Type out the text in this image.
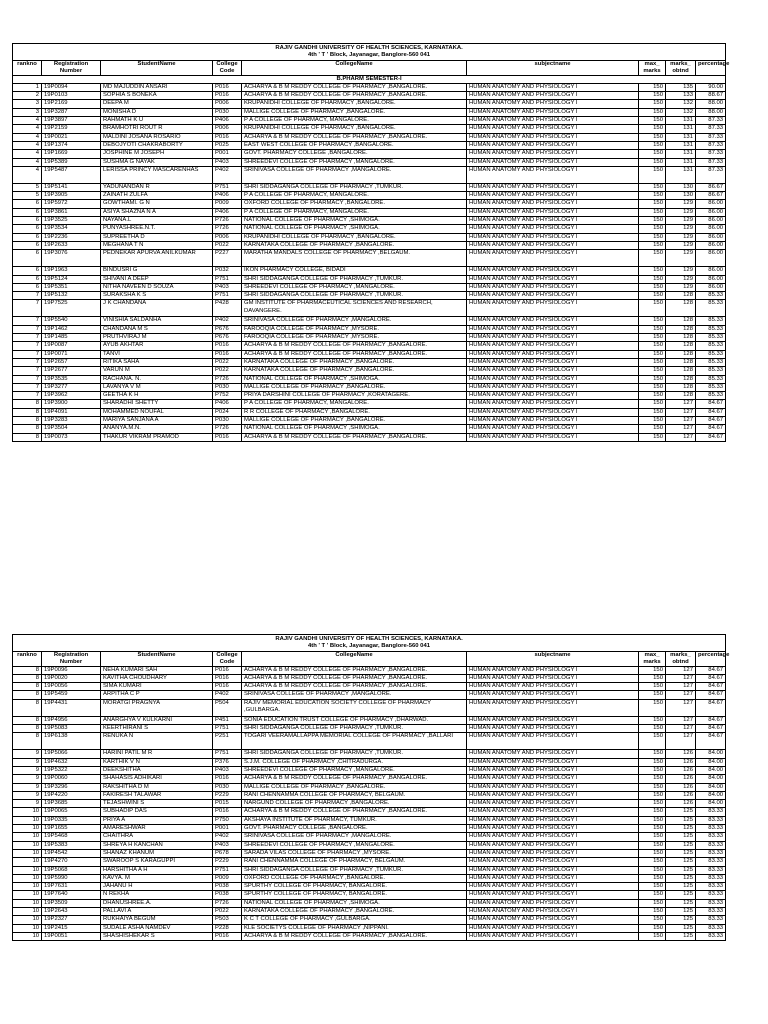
RAJIV GANDHI UNIVERSITY OF HEALTH SCIENCES, KARNATAKA.								
4th ' T ' Block, Jayanagar, Banglore-560 041								
rankno	Registration Number	StudentName	College Code	CollegeName	subjectname	max_ marks	marks_ obtnd	percentage
B.PHARM SEMESTER-I								
1	19P0094	MD MAJUDDIN ANSARI	P016	ACHARYA & B M REDDY COLLEGE OF PHARMACY ,BANGALORE.	HUMAN ANATOMY AND PHYSIOLOGY I	150	135	90.00
2	19P0103	SOPHIA S BONEKA	P016	ACHARYA & B M REDDY COLLEGE OF PHARMACY ,BANGALORE.	HUMAN ANATOMY AND PHYSIOLOGY I	150	133	88.67
3	19P2169	DEEPA M	P006	KRUPANIDHI COLLEGE OF PHARMACY ,BANGALORE.	HUMAN ANATOMY AND PHYSIOLOGY I	150	132	88.00
3	19P3287	MONISHA D	P030	MALLIGE COLLEGE OF PHARMACY ,BANGALORE.	HUMAN ANATOMY AND PHYSIOLOGY I	150	132	88.00
4	19P3897	RAHMATH K U	P406	P A COLLEGE OF PHARMACY, MANGALORE.	HUMAN ANATOMY AND PHYSIOLOGY I	150	131	87.33
4	19P2159	BRAMHOTRI ROUT R	P006	KRUPANIDHI COLLEGE OF PHARMACY ,BANGALORE.	HUMAN ANATOMY AND PHYSIOLOGY I	150	131	87.33
4	19P0021	MALDINI JOSANA ROSARIO	P016	ACHARYA & B M REDDY COLLEGE OF PHARMACY ,BANGALORE.	HUMAN ANATOMY AND PHYSIOLOGY I	150	131	87.33
4	19P1374	DEBOJYOTI CHAKRABORTY	P025	EAST WEST COLLEGE OF PHARMACY ,BANGALORE.	HUMAN ANATOMY AND PHYSIOLOGY I	150	131	87.33
4	19P1669	JOSPHINE M JOSEPH	P001	GOVT. PHARMACY COLLEGE ,BANGALORE.	HUMAN ANATOMY AND PHYSIOLOGY I	150	131	87.33
4	19P5389	SUSHMA G NAYAK	P403	SHREEDEVI COLLEGE OF PHARMACY ,MANGALORE.	HUMAN ANATOMY AND PHYSIOLOGY I	150	131	87.33
4	19P5487	LERISSA PRINCY MASCARENHAS	P402	SRINIVASA COLLEGE OF PHARMACY ,MANGALORE.	HUMAN ANATOMY AND PHYSIOLOGY I	150	131	87.33
5	19P5141	YADUNANDAN R	P751	SHRI SIDDAGANGA COLLEGE OF PHARMACY ,TUMKUR.	HUMAN ANATOMY AND PHYSIOLOGY I	150	130	86.67
5	19P3905	ZAINATH ZULFA	P406	P A COLLEGE OF PHARMACY, MANGALORE.	HUMAN ANATOMY AND PHYSIOLOGY I	150	130	86.67
6	19P5972	GOWTHAMI. G N	P009	OXFORD COLLEGE OF PHARMACY ,BANGALORE.	HUMAN ANATOMY AND PHYSIOLOGY I	150	129	86.00
6	19P3861	ASIYA SHAZNA N A	P406	P A COLLEGE OF PHARMACY, MANGALORE.	HUMAN ANATOMY AND PHYSIOLOGY I	150	129	86.00
6	19P3525	NAYANA.L	P726	NATIONAL COLLEGE OF PHARMACY ,SHIMOGA.	HUMAN ANATOMY AND PHYSIOLOGY I	150	129	86.00
6	19P3534	PUNYASHREE.N.T.	P726	NATIONAL COLLEGE OF PHARMACY ,SHIMOGA.	HUMAN ANATOMY AND PHYSIOLOGY I	150	129	86.00
6	19P2236	SUPREETHA D	P006	KRUPANIDHI COLLEGE OF PHARMACY ,BANGALORE.	HUMAN ANATOMY AND PHYSIOLOGY I	150	129	86.00
6	19P2633	MEGHANA T N	P022	KARNATAKA COLLEGE OF PHARMACY ,BANGALORE.	HUMAN ANATOMY AND PHYSIOLOGY I	150	129	86.00
6	19P3076	PEDNEKAR APURVA ANILKUMAR	P227	MARATHA MANDALS COLLEGE OF PHARMACY ,BELGAUM.	HUMAN ANATOMY AND PHYSIOLOGY I	150	129	86.00
6	19P1963	BINDUSRI G	P032	IKON PHARMACY COLLEGE, BIDADI	HUMAN ANATOMY AND PHYSIOLOGY I	150	129	86.00
6	19P5124	SHIVANI A DEEP	P751	SHRI SIDDAGANGA COLLEGE OF PHARMACY ,TUMKUR.	HUMAN ANATOMY AND PHYSIOLOGY I	150	129	86.00
6	19P5351	NITHA NAVEEN D SOUZA	P403	SHREEDEVI COLLEGE OF PHARMACY ,MANGALORE.	HUMAN ANATOMY AND PHYSIOLOGY I	150	129	86.00
7	19P5132	SURAKSHA K S	P751	SHRI SIDDAGANGA COLLEGE OF PHARMACY ,TUMKUR.	HUMAN ANATOMY AND PHYSIOLOGY I	150	128	85.33
7	19P7525	J K CHANDANA	P428	GM INSTITUTE OF PHARMACEUTICAL SCIENCES AND RESEARCH, DAVANGERE.	HUMAN ANATOMY AND PHYSIOLOGY I	150	128	85.33
7	19P5540	VINISHIA SALDANHA	P402	SRINIVASA COLLEGE OF PHARMACY ,MANGALORE.	HUMAN ANATOMY AND PHYSIOLOGY I	150	128	85.33
7	19P1462	CHANDANA M S	P676	FAROOQIA COLLEGE OF PHARMACY ,MYSORE.	HUMAN ANATOMY AND PHYSIOLOGY I	150	128	85.33
7	19P1485	PRUTHVIRAJ M	P676	FAROOQIA COLLEGE OF PHARMACY ,MYSORE.	HUMAN ANATOMY AND PHYSIOLOGY I	150	128	85.33
7	19P0087	AYUB AKHTAR	P016	ACHARYA & B M REDDY COLLEGE OF PHARMACY ,BANGALORE.	HUMAN ANATOMY AND PHYSIOLOGY I	150	128	85.33
7	19P0071	TANVI	P016	ACHARYA & B M REDDY COLLEGE OF PHARMACY ,BANGALORE.	HUMAN ANATOMY AND PHYSIOLOGY I	150	128	85.33
7	19P2657	RITIKA SAHA	P022	KARNATAKA COLLEGE OF PHARMACY ,BANGALORE.	HUMAN ANATOMY AND PHYSIOLOGY I	150	128	85.33
7	19P2677	VARUN M	P022	KARNATAKA COLLEGE OF PHARMACY ,BANGALORE.	HUMAN ANATOMY AND PHYSIOLOGY I	150	128	85.33
7	19P3535	RACHANA. N.	P726	NATIONAL COLLEGE OF PHARMACY ,SHIMOGA.	HUMAN ANATOMY AND PHYSIOLOGY I	150	128	85.33
7	19P3277	LAVANYA V M	P030	MALLIGE COLLEGE OF PHARMACY ,BANGALORE.	HUMAN ANATOMY AND PHYSIOLOGY I	150	128	85.33
7	19P3962	GEETHA K H	P752	PRIYA DARSHINI COLLEGE OF PHARMACY ,KORATAGERE.	HUMAN ANATOMY AND PHYSIOLOGY I	150	128	85.33
8	19P3900	SHARADHI SHETTY	P406	P A COLLEGE OF PHARMACY, MANGALORE.	HUMAN ANATOMY AND PHYSIOLOGY I	150	127	84.67
8	19P4091	MOHAMMED NOUFAL	P024	R R COLLEGE OF PHARMACY ,BANGALORE.	HUMAN ANATOMY AND PHYSIOLOGY I	150	127	84.67
8	19P3283	MARIYA SANJANA A	P030	MALLIGE COLLEGE OF PHARMACY ,BANGALORE.	HUMAN ANATOMY AND PHYSIOLOGY I	150	127	84.67
8	19P3504	ANANYA.M.N.	P726	NATIONAL COLLEGE OF PHARMACY ,SHIMOGA.	HUMAN ANATOMY AND PHYSIOLOGY I	150	127	84.67
8	19P0073	THAKUR VIKRAM PRAMOD	P016	ACHARYA & B M REDDY COLLEGE OF PHARMACY ,BANGALORE.	HUMAN ANATOMY AND PHYSIOLOGY I	150	127	84.67
RAJIV GANDHI UNIVERSITY OF HEALTH SCIENCES, KARNATAKA.								
4th ' T ' Block, Jayanagar, Banglore-560 041								
rankno	Registration Number	StudentName	College Code	CollegeName	subjectname	max_ marks	marks_ obtnd	percentage
8	19P0096	NEHA KUMARI SAH	P016	ACHARYA & B M REDDY COLLEGE OF PHARMACY ,BANGALORE.	HUMAN ANATOMY AND PHYSIOLOGY I	150	127	84.67
8	19P0020	KAVITHA CHOUDHARY	P016	ACHARYA & B M REDDY COLLEGE OF PHARMACY ,BANGALORE.	HUMAN ANATOMY AND PHYSIOLOGY I	150	127	84.67
8	19P0056	SIMA KUMARI	P016	ACHARYA & B M REDDY COLLEGE OF PHARMACY ,BANGALORE.	HUMAN ANATOMY AND PHYSIOLOGY I	150	127	84.67
8	19P5459	ARPITHA C P	P402	SRINIVASA COLLEGE OF PHARMACY ,MANGALORE.	HUMAN ANATOMY AND PHYSIOLOGY I	150	127	84.67
8	19P4431	MORATGI PRAGNYA	P504	RAJIV MEMORIAL EDUCATION SOCIETY COLLEGE OF PHARMACY ,GULBARGA.	HUMAN ANATOMY AND PHYSIOLOGY I	150	127	84.67
8	19P4956	ANARGHYA V KULKARNI	P451	SONIA EDUCATION TRUST COLLEGE OF PHARMACY ,DHARWAD.	HUMAN ANATOMY AND PHYSIOLOGY I	150	127	84.67
8	19P5083	KEERTHIRANI S	P751	SHRI SIDDAGANGA COLLEGE OF PHARMACY ,TUMKUR.	HUMAN ANATOMY AND PHYSIOLOGY I	150	127	84.67
8	19P6138	RENUKA N	P251	TOGARI VEERAMALLAPPA MEMORIAL COLLEGE OF PHARMACY ,BALLARI	HUMAN ANATOMY AND PHYSIOLOGY I	150	127	84.67
9	19P5066	HARINI PATIL M R	P751	SHRI SIDDAGANGA COLLEGE OF PHARMACY ,TUMKUR.	HUMAN ANATOMY AND PHYSIOLOGY I	150	126	84.00
9	19P4632	KARTHIK V N	P376	S.J.M. COLLEGE OF PHARMACY ,CHITRADURGA.	HUMAN ANATOMY AND PHYSIOLOGY I	150	126	84.00
9	19P5322	DEEKSHITHA	P403	SHREEDEVI COLLEGE OF PHARMACY ,MANGALORE.	HUMAN ANATOMY AND PHYSIOLOGY I	150	126	84.00
9	19P0060	SHAHASIS ADHIKARI	P016	ACHARYA & B M REDDY COLLEGE OF PHARMACY ,BANGALORE.	HUMAN ANATOMY AND PHYSIOLOGY I	150	126	84.00
9	19P3296	RAKSHITHA D M	P030	MALLIGE COLLEGE OF PHARMACY ,BANGALORE.	HUMAN ANATOMY AND PHYSIOLOGY I	150	126	84.00
9	19P4220	FAKIRESH TALAWAR	P229	RANI CHENNAMMA COLLEGE OF PHARMACY, BELGAUM.	HUMAN ANATOMY AND PHYSIOLOGY I	150	126	84.00
9	19P3685	TEJASHWINI S	P015	NARGUND COLLEGE OF PHARMACY ,BANGALORE.	HUMAN ANATOMY AND PHYSIOLOGY I	150	126	84.00
10	19P0065	SUBHADIP DAS	P016	ACHARYA & B M REDDY COLLEGE OF PHARMACY ,BANGALORE.	HUMAN ANATOMY AND PHYSIOLOGY I	150	125	83.33
10	19P0335	PRIYA A	P750	AKSHAYA INSTITUTE OF PHARMACY, TUMKUR.	HUMAN ANATOMY AND PHYSIOLOGY I	150	125	83.33
10	19P1655	AMARESHWAR	P001	GOVT. PHARMACY COLLEGE ,BANGALORE.	HUMAN ANATOMY AND PHYSIOLOGY I	150	125	83.33
10	19P5468	CHAITHRA	P402	SRINIVASA COLLEGE OF PHARMACY ,MANGALORE.	HUMAN ANATOMY AND PHYSIOLOGY I	150	125	83.33
10	19P5383	SHREYA H KANCHAN	P403	SHREEDEVI COLLEGE OF PHARMACY ,MANGALORE.	HUMAN ANATOMY AND PHYSIOLOGY I	150	125	83.33
10	19P4542	SHANAZ KHANUM	P678	SARADA VILAS COLLEGE OF PHARMACY ,MYSORE.	HUMAN ANATOMY AND PHYSIOLOGY I	150	125	83.33
10	19P4270	SWAROOP S KARAGUPPI	P229	RANI CHENNAMMA COLLEGE OF PHARMACY, BELGAUM.	HUMAN ANATOMY AND PHYSIOLOGY I	150	125	83.33
10	19P5068	HARSHITHA A H	P751	SHRI SIDDAGANGA COLLEGE OF PHARMACY ,TUMKUR.	HUMAN ANATOMY AND PHYSIOLOGY I	150	125	83.33
10	19P5990	KAVYA. M	P009	OXFORD COLLEGE OF PHARMACY ,BANGALORE.	HUMAN ANATOMY AND PHYSIOLOGY I	150	125	83.33
10	19P7631	JAHANU H	P038	SPURTHY COLLEGE OF PHARMACY, BANGALORE.	HUMAN ANATOMY AND PHYSIOLOGY I	150	125	83.33
10	19P7640	N REKHA	P038	SPURTHY COLLEGE OF PHARMACY, BANGALORE.	HUMAN ANATOMY AND PHYSIOLOGY I	150	125	83.33
10	19P3509	DHANUSHREE.A.	P726	NATIONAL COLLEGE OF PHARMACY ,SHIMOGA.	HUMAN ANATOMY AND PHYSIOLOGY I	150	125	83.33
10	19P2643	PALLAVI A	P022	KARNATAKA COLLEGE OF PHARMACY ,BANGALORE.	HUMAN ANATOMY AND PHYSIOLOGY I	150	125	83.33
10	19P2327	RUKHAIYA BEGUM	P503	K C T COLLEGE OF PHARMACY ,GULBARGA.	HUMAN ANATOMY AND PHYSIOLOGY I	150	125	83.33
10	19P2415	SUDALE ASHA NAMDEV	P228	KLE SOCIETYS COLLEGE OF PHARMACY ,NIPPANI.	HUMAN ANATOMY AND PHYSIOLOGY I	150	125	83.33
10	19P0051	SHASHISHEKAR S	P016	ACHARYA & B M REDDY COLLEGE OF PHARMACY ,BANGALORE.	HUMAN ANATOMY AND PHYSIOLOGY I	150	125	83.33
